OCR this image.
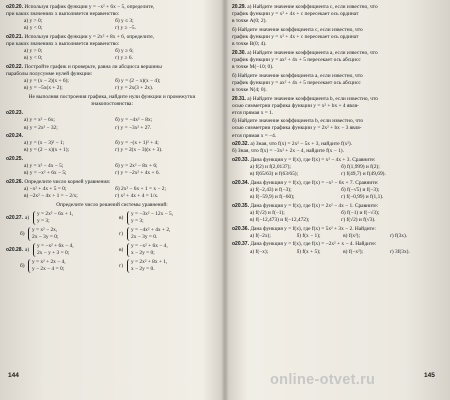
о20.20. Используя график функции y = −x² + 6x − 5, определите,
при каких значениях x выполняется неравенство:
а) y > 0;	б) y ≤ 3;
в) y < 0;	г) y ≥ −5.
о20.21. Используя график функции y = 2x² + 8x + 6, определите,
при каких значениях x выполняется неравенство:
а) y > 0;	б) y ≥ 6;
в) y < 0;	г) y ≥ 6.
о20.22. Постройте график и проверьте, равна ли абсцисса вершины
параболы полусумме нулей функции:
а) y = (x − 2)(x + 6);	б) y = (2 − x)(x − 4);
в) y = −5x(x + 2);	г) y = 2x(3 + 2x).
Не выполняя построения графика, найдите нули функции и промежутки знакопостоянства:
о20.23.
а) y = x² − 6x;	б) y = −4x² − 8x;
в) y = 2x² − 32;	г) y = −3x² + 27.
о20.24.
а) y = (x − 3)² − 1;	б) y = −(x + 1)² + 4;
в) y = (2 − x)(x + 1);	г) y = 2(x − 3)(x + 3).
о20.25.
а) y = x² − 4x − 5;	б) y = 2x² − 8x + 6;
в) y = −x² + 6x − 5;	г) y = −2x² + 4x + 6.
о20.26. Определите число корней уравнения:
а) −x² + 4x + 5 = 0;	б) 2x² − 6x + 1 = x − 2;
в) −2x² − 4x + 1 = − 2/x;	г) x² + 4x + 4 = 1/x.
Определите число решений системы уравнений:
о20.27. а)
y = 2x² − 6x + 1,
y = 3;
в)
y = −3x² − 12x − 5,
y = 3;
б)
y = x² − 2x,
2x − 3y = 0;
г)
y = −4x² + 4x + 2,
2x − 3y = 0.
о20.28. а)
y = −x² + 6x − 4,
2x − y + 3 = 0;
в)
y = −x² + 6x − 4,
x − 2y = 0;
б)
y = x² + 2x − 4,
y − 2x − 4 = 0;
г)
y = 2x² + 8x + 1,
x − 2y = 0.
20.29. а) Найдите значение коэффициента c, если известно, что
график функции y = x² + 4x + c пересекает ось ординат
в точке A(0; 2).
б) Найдите значение коэффициента c, если известно, что
график функции y = x² + 4x + c пересекает ось ординат
в точке B(0; 4).
20.30. а) Найдите значение коэффициента a, если известно, что
график функции y = ax² + 4x + 5 пересекает ось абсцисс
в точке M(−10; 0).
б) Найдите значение коэффициента a, если известно, что
график функции y = ax² + 4x + 5 пересекает ось абсцисс
в точке N(4; 0).
20.31. а) Найдите значение коэффициента b, если известно, что
осью симметрии графика функции y = x² + bx + 4 явля-
ется прямая x = 1.
б) Найдите значение коэффициента b, если известно, что
осью симметрии графика функции y = 2x² + bx − 3 явля-
ется прямая x = −4.
о20.32. а) Зная, что f(x) = 2x² − 5x + 3, найдите f(x²).
б) Зная, что f(x) = −3x² + 2x − 4, найдите f(x − 1).
о20.33. Дана функция y = f(x), где f(x) = x² − 4x + 3. Сравните:
а) f(2) и f(2,0137);	б) f(1,999) и f(2);
в) f(65/63) и f(63/65);	г) f(49,7) и f(49,69).
о20.34. Дана функция y = f(x), где f(x) = −x² − 6x + 7. Сравните:
а) f(−2,43) и f(−3);	б) f(−√5) и f(−3);
в) f(−59,9) и f(−60);	г) f(−0,99) и f(1,1).
о20.35. Дана функция y = f(x), где f(x) = 2x² − 4x − 1. Сравните:
а) f(√2) и f(−1);	б) f(−1) и f(−√3);
в) f(−12,473) и f(−12,472);	г) f(√2) и f(√3).
о20.36. Дана функция y = f(x), где f(x) = 5x² + 3x − 2. Найдите:
а) f(−2x);	б) f(x − 1);	в) f(x²);	г) f(3x).
о20.37. Дана функция y = f(x), где f(x) = −2x² + x − 4. Найдите:
а) f(−x);	б) f(x + 5);	в) f(−x²);	г) 3f(3x).
144	145
online-otvet.ru
